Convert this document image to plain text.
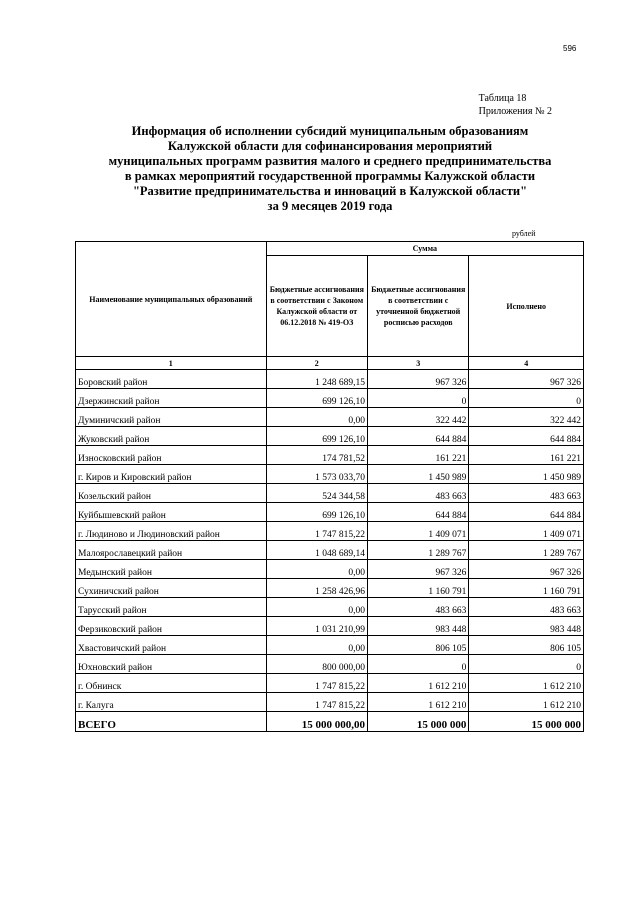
596
Таблица 18
Приложения № 2
Информация об исполнении субсидий муниципальным образованиям
Калужской области для софинансирования мероприятий
муниципальных программ развития малого и среднего предпринимательства
в рамках мероприятий государственной программы Калужской области
"Развитие предпринимательства и инноваций в Калужской области"
за 9 месяцев 2019 года
рублей
Наименование муниципальных образований	Сумма		
	Бюджетные ассигнования в соответствии с Законом Калужской области от 06.12.2018 № 419-ОЗ	Бюджетные ассигнования в соответствии с уточненной бюджетной росписью расходов	Исполнено
1	2	3	4
Боровский район	1 248 689,15	967 326	967 326
Дзержинский район	699 126,10	0	0
Думиничский район	0,00	322 442	322 442
Жуковский район	699 126,10	644 884	644 884
Износковский район	174 781,52	161 221	161 221
г. Киров и Кировский район	1 573 033,70	1 450 989	1 450 989
Козельский район	524 344,58	483 663	483 663
Куйбышевский район	699 126,10	644 884	644 884
г. Людиново и Людиновский район	1 747 815,22	1 409 071	1 409 071
Малоярославецкий район	1 048 689,14	1 289 767	1 289 767
Медынский район	0,00	967 326	967 326
Сухиничский район	1 258 426,96	1 160 791	1 160 791
Тарусский район	0,00	483 663	483 663
Ферзиковский район	1 031 210,99	983 448	983 448
Хвастовичский район	0,00	806 105	806 105
Юхновский район	800 000,00	0	0
г. Обнинск	1 747 815,22	1 612 210	1 612 210
г. Калуга	1 747 815,22	1 612 210	1 612 210
ВСЕГО	15 000 000,00	15 000 000	15 000 000
